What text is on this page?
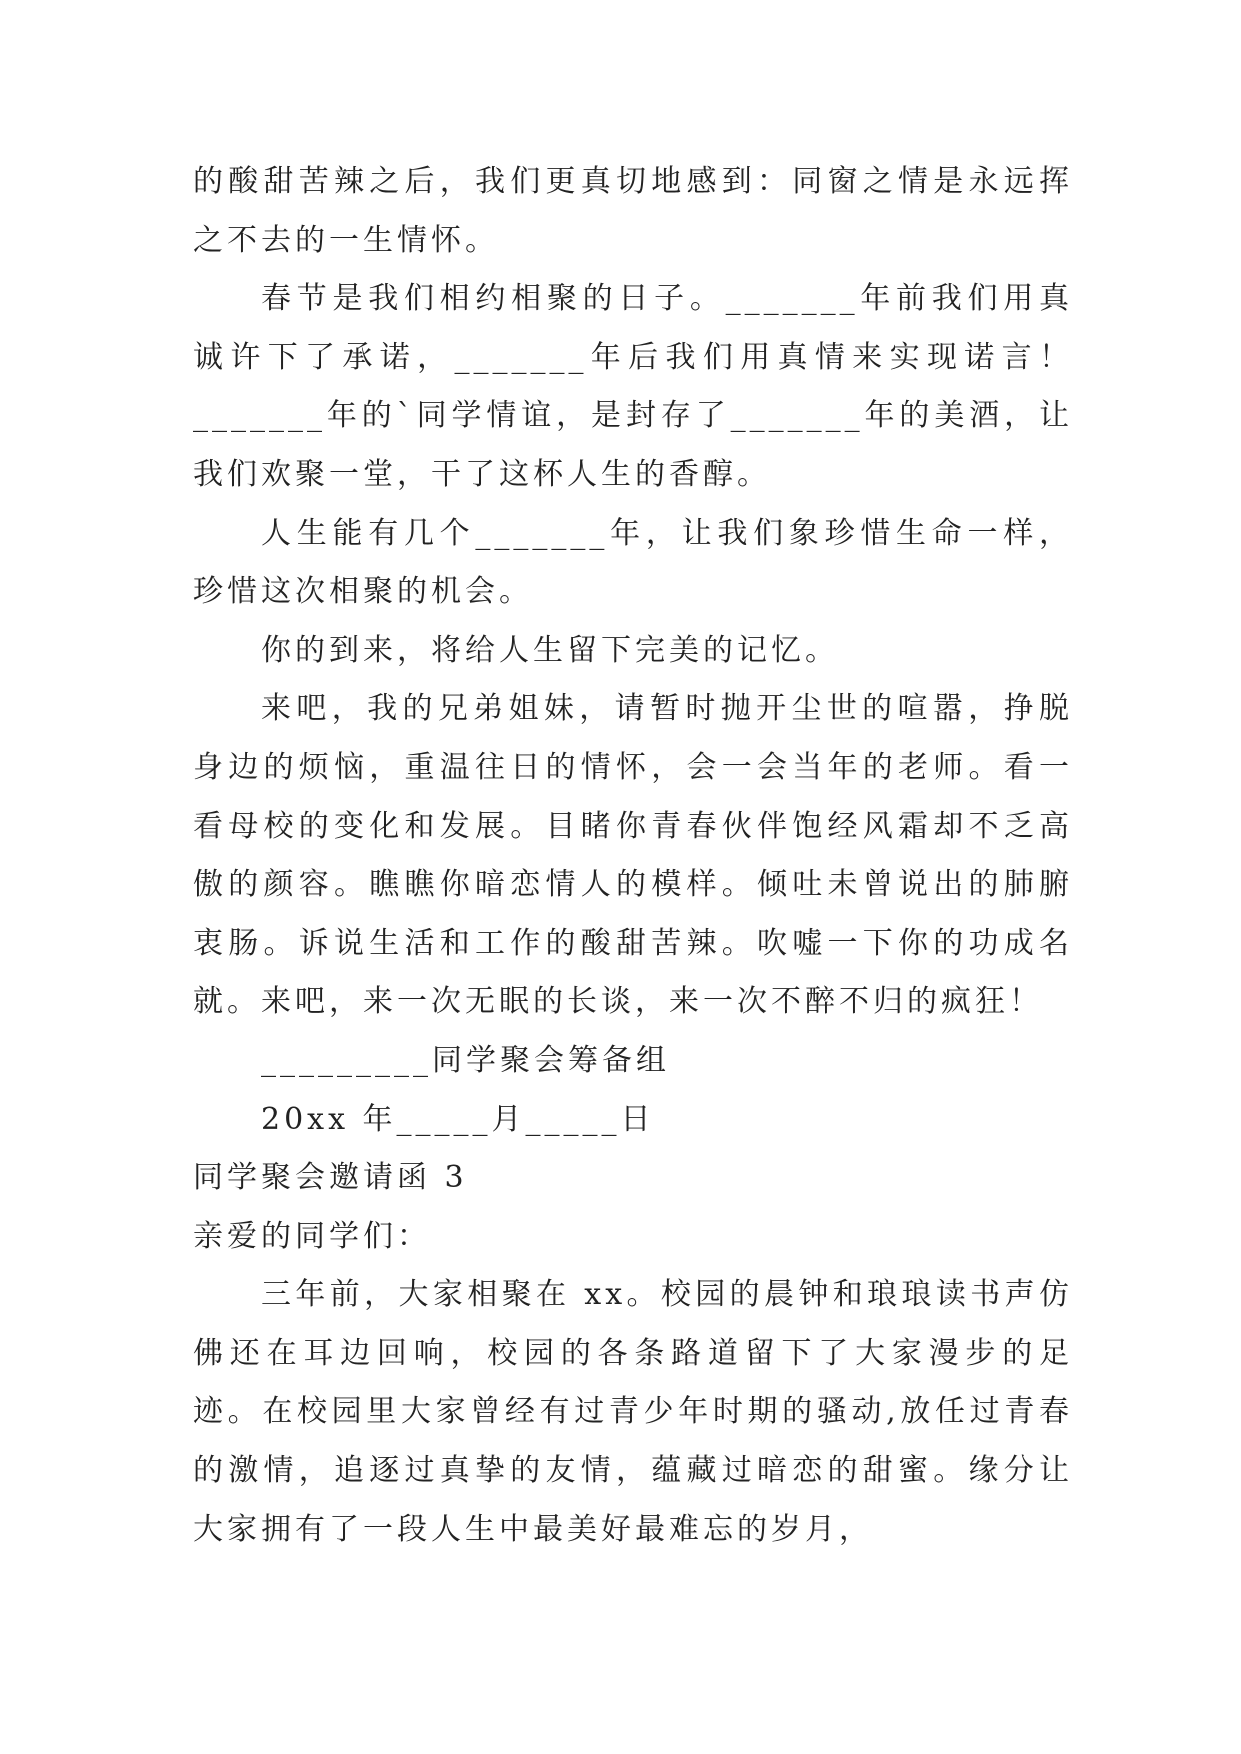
的酸甜苦辣之后，我们更真切地感到：同窗之情是永远挥之不去的一生情怀。

春节是我们相约相聚的日子。_______年前我们用真诚许下了承诺，_______年后我们用真情来实现诺言！_______年的`同学情谊，是封存了_______年的美酒，让我们欢聚一堂，干了这杯人生的香醇。

人生能有几个_______年，让我们象珍惜生命一样，珍惜这次相聚的机会。

你的到来，将给人生留下完美的记忆。

来吧，我的兄弟姐妹，请暂时抛开尘世的喧嚣，挣脱身边的烦恼，重温往日的情怀，会一会当年的老师。看一看母校的变化和发展。目睹你青春伙伴饱经风霜却不乏高傲的颜容。瞧瞧你暗恋情人的模样。倾吐未曾说出的肺腑衷肠。诉说生活和工作的酸甜苦辣。吹嘘一下你的功成名就。来吧，来一次无眠的长谈，来一次不醉不归的疯狂！

_________同学聚会筹备组

20xx 年_____月_____日

同学聚会邀请函 3

亲爱的同学们：

三年前，大家相聚在 xx。校园的晨钟和琅琅读书声仿佛还在耳边回响，校园的各条路道留下了大家漫步的足迹。在校园里大家曾经有过青少年时期的骚动,放任过青春的激情，追逐过真挚的友情，蕴藏过暗恋的甜蜜。缘分让大家拥有了一段人生中最美好最难忘的岁月，
